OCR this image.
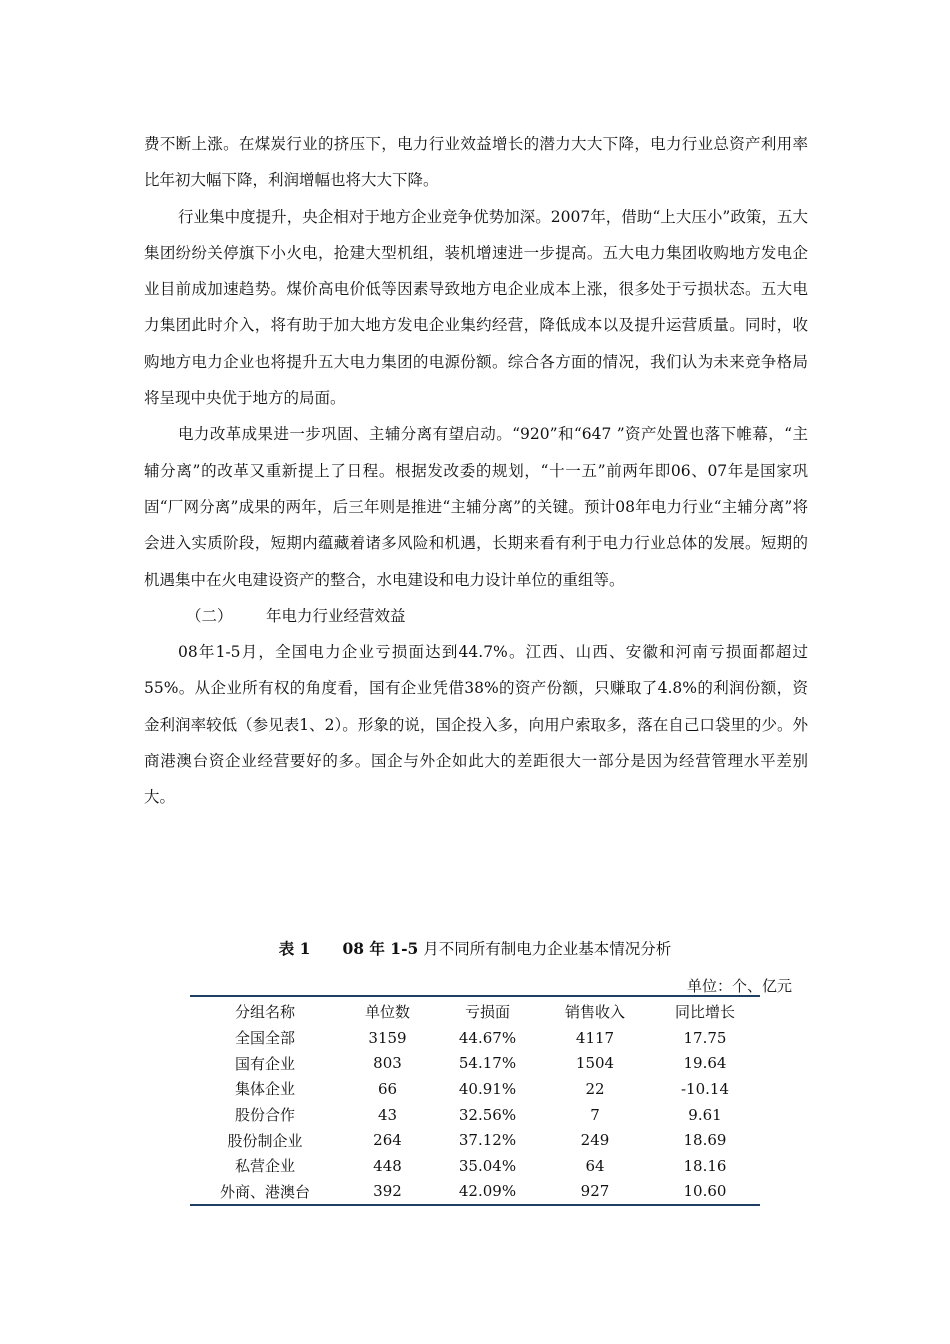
费不断上涨。在煤炭行业的挤压下，电力行业效益增长的潜力大大下降，电力行业总资产利用率比年初大幅下降，利润增幅也将大大下降。

行业集中度提升，央企相对于地方企业竞争优势加深。2007年，借助“上大压小”政策，五大集团纷纷关停旗下小火电，抢建大型机组，装机增速进一步提高。五大电力集团收购地方发电企业目前成加速趋势。煤价高电价低等因素导致地方电企业成本上涨，很多处于亏损状态。五大电力集团此时介入，将有助于加大地方发电企业集约经营，降低成本以及提升运营质量。同时，收购地方电力企业也将提升五大电力集团的电源份额。综合各方面的情况，我们认为未来竞争格局将呈现中央优于地方的局面。

电力改革成果进一步巩固、主辅分离有望启动。“920”和“647 ”资产处置也落下帷幕，“主辅分离”的改革又重新提上了日程。根据发改委的规划，“十一五”前两年即06、07年是国家巩固“厂网分离”成果的两年，后三年则是推进“主辅分离”的关键。预计08年电力行业“主辅分离”将会进入实质阶段，短期内蕴藏着诸多风险和机遇，长期来看有利于电力行业总体的发展。短期的机遇集中在火电建设资产的整合，水电建设和电力设计单位的重组等。

（二） 年电力行业经营效益

08年1-5月，全国电力企业亏损面达到44.7%。江西、山西、安徽和河南亏损面都超过55%。从企业所有权的角度看，国有企业凭借38%的资产份额，只赚取了4.8%的利润份额，资金利润率较低（参见表1、2）。形象的说，国企投入多，向用户索取多，落在自己口袋里的少。外商港澳台资企业经营要好的多。国企与外企如此大的差距很大一部分是因为经营管理水平差别大。

表 1 08 年 1-5 月不同所有制电力企业基本情况分析
单位：个、亿元
分组名称	单位数	亏损面	销售收入	同比增长
全国全部	3159	44.67%	4117	17.75
国有企业	803	54.17%	1504	19.64
集体企业	66	40.91%	22	-10.14
股份合作	43	32.56%	7	9.61
股份制企业	264	37.12%	249	18.69
私营企业	448	35.04%	64	18.16
外商、港澳台	392	42.09%	927	10.60
